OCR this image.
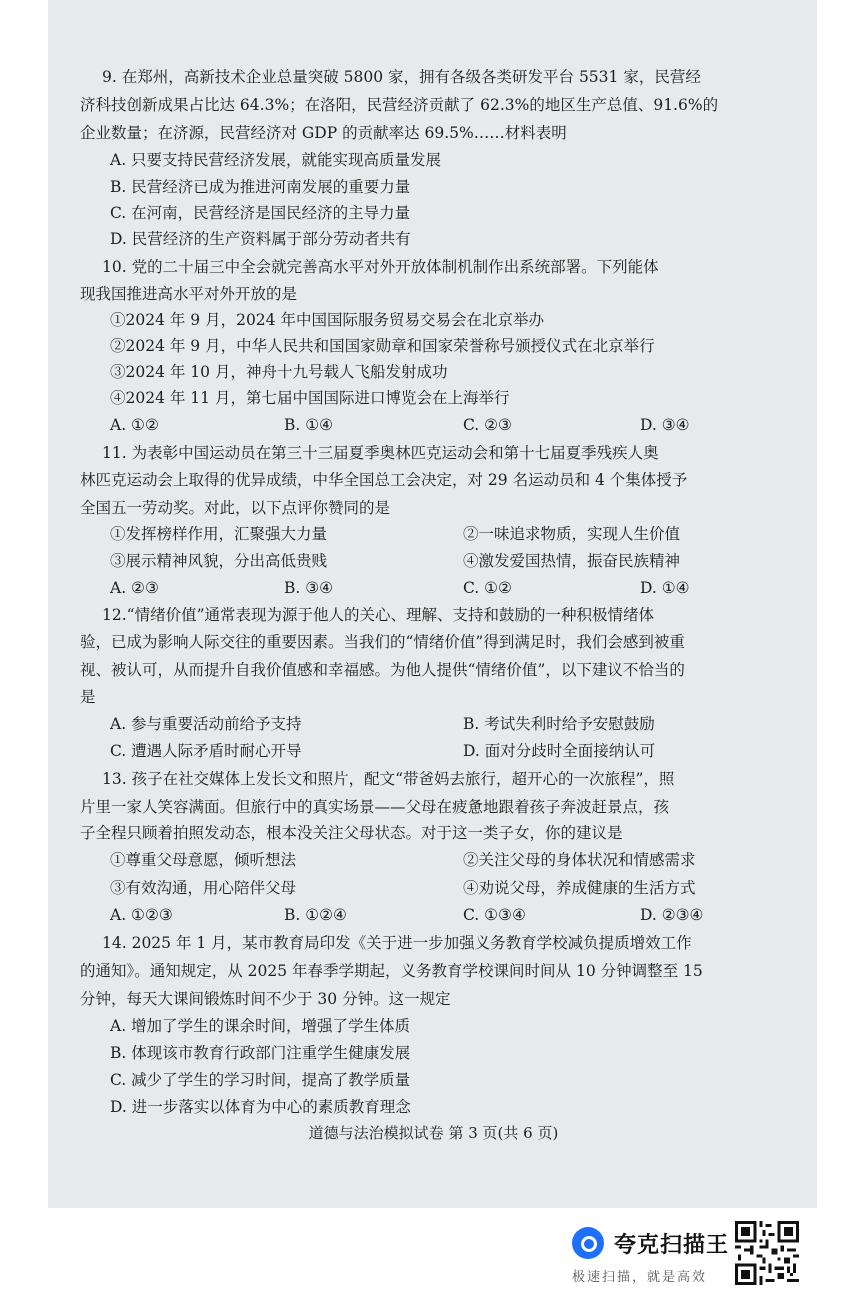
9. 在郑州，高新技术企业总量突破 5800 家，拥有各级各类研发平台 5531 家，民营经
济科技创新成果占比达 64.3%；在洛阳，民营经济贡献了 62.3%的地区生产总值、91.6%的
企业数量；在济源，民营经济对 GDP 的贡献率达 69.5%……材料表明
A. 只要支持民营经济发展，就能实现高质量发展
B. 民营经济已成为推进河南发展的重要力量
C. 在河南，民营经济是国民经济的主导力量
D. 民营经济的生产资料属于部分劳动者共有
10. 党的二十届三中全会就完善高水平对外开放体制机制作出系统部署。下列能体
现我国推进高水平对外开放的是
①2024 年 9 月，2024 年中国国际服务贸易交易会在北京举办
②2024 年 9 月，中华人民共和国国家勋章和国家荣誉称号颁授仪式在北京举行
③2024 年 10 月，神舟十九号载人飞船发射成功
④2024 年 11 月，第七届中国国际进口博览会在上海举行
A. ①②	B. ①④	C. ②③	D. ③④
11. 为表彰中国运动员在第三十三届夏季奥林匹克运动会和第十七届夏季残疾人奥
林匹克运动会上取得的优异成绩，中华全国总工会决定，对 29 名运动员和 4 个集体授予
全国五一劳动奖。对此，以下点评你赞同的是
①发挥榜样作用，汇聚强大力量	②一味追求物质，实现人生价值
③展示精神风貌，分出高低贵贱	④激发爱国热情，振奋民族精神
A. ②③	B. ③④	C. ①②	D. ①④
12.“情绪价值”通常表现为源于他人的关心、理解、支持和鼓励的一种积极情绪体
验，已成为影响人际交往的重要因素。当我们的“情绪价值”得到满足时，我们会感到被重
视、被认可，从而提升自我价值感和幸福感。为他人提供“情绪价值”，以下建议不恰当的
是
A. 参与重要活动前给予支持	B. 考试失利时给予安慰鼓励
C. 遭遇人际矛盾时耐心开导	D. 面对分歧时全面接纳认可
13. 孩子在社交媒体上发长文和照片，配文“带爸妈去旅行，超开心的一次旅程”，照
片里一家人笑容满面。但旅行中的真实场景——父母在疲惫地跟着孩子奔波赶景点，孩
子全程只顾着拍照发动态，根本没关注父母状态。对于这一类子女，你的建议是
①尊重父母意愿，倾听想法	②关注父母的身体状况和情感需求
③有效沟通，用心陪伴父母	④劝说父母，养成健康的生活方式
A. ①②③	B. ①②④	C. ①③④	D. ②③④
14. 2025 年 1 月，某市教育局印发《关于进一步加强义务教育学校减负提质增效工作
的通知》。通知规定，从 2025 年春季学期起，义务教育学校课间时间从 10 分钟调整至 15
分钟，每天大课间锻炼时间不少于 30 分钟。这一规定
A. 增加了学生的课余时间，增强了学生体质
B. 体现该市教育行政部门注重学生健康发展
C. 减少了学生的学习时间，提高了教学质量
D. 进一步落实以体育为中心的素质教育理念
道德与法治模拟试卷 第 3 页(共 6 页)
夸克扫描王
极速扫描，就是高效
